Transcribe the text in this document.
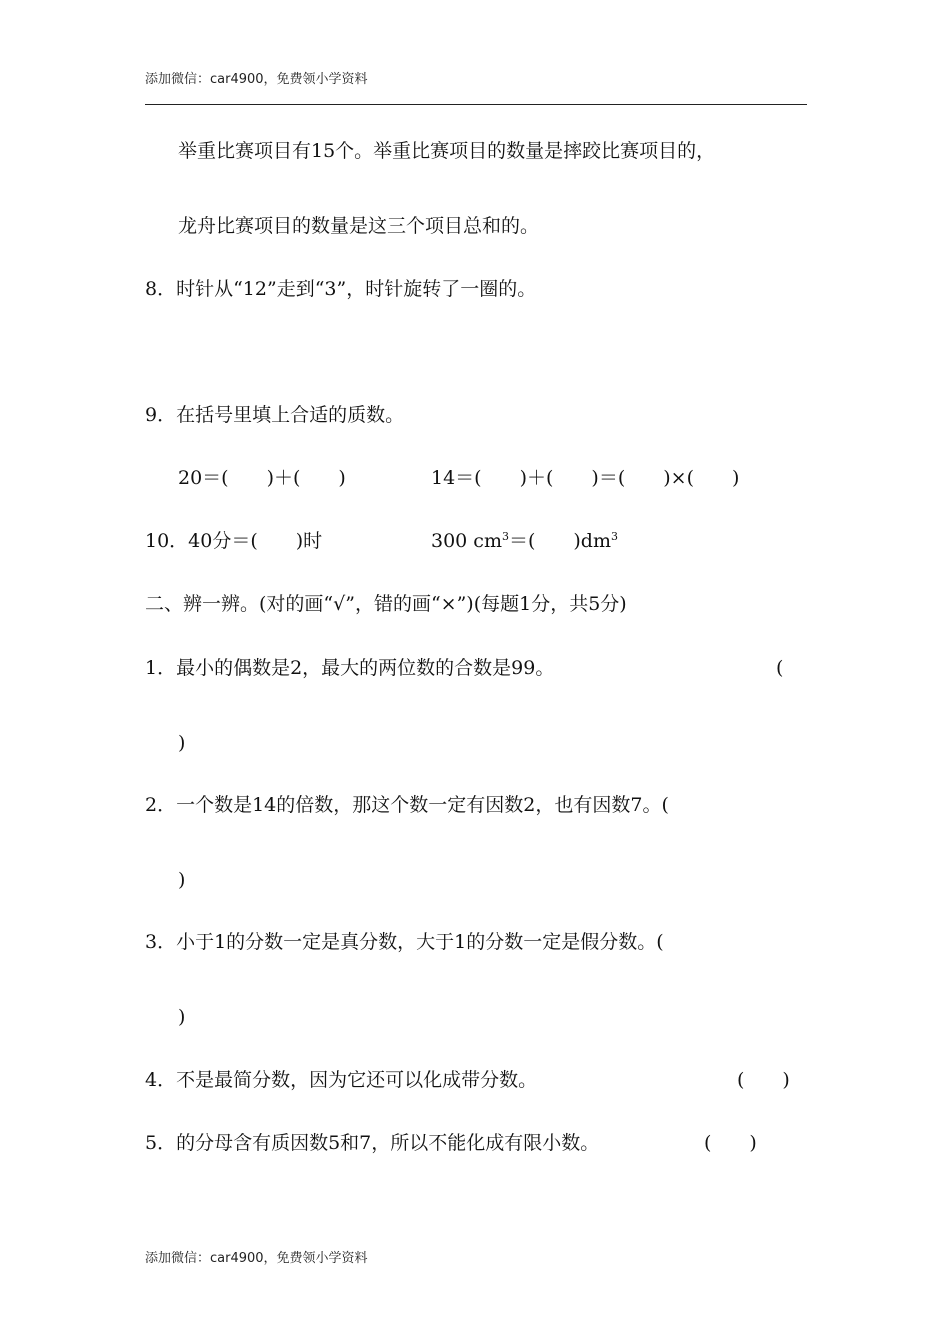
添加微信：car4900，免费领小学资料
举重比赛项目有15个。举重比赛项目的数量是摔跤比赛项目的，
龙舟比赛项目的数量是这三个项目总和的。
8．时针从“12”走到“3”，时针旋转了一圈的。
9．在括号里填上合适的质数。
20＝(　　)＋(　　)	14＝(　　)＋(　　)＝(　　)×(　　)
10．40分＝(　　)时	300 $cm^3=$(　　)$dm^3$
二、辨一辨。(对的画“√”，错的画“×”)(每题1分，共5分)
1．最小的偶数是2，最大的两位数的合数是99。	(
)
2．一个数是14的倍数，那这个数一定有因数2，也有因数7。(
)
3．小于1的分数一定是真分数，大于1的分数一定是假分数。(
)
4．不是最简分数，因为它还可以化成带分数。	(　　)
5．的分母含有质因数5和7，所以不能化成有限小数。	(　　)
添加微信：car4900，免费领小学资料
